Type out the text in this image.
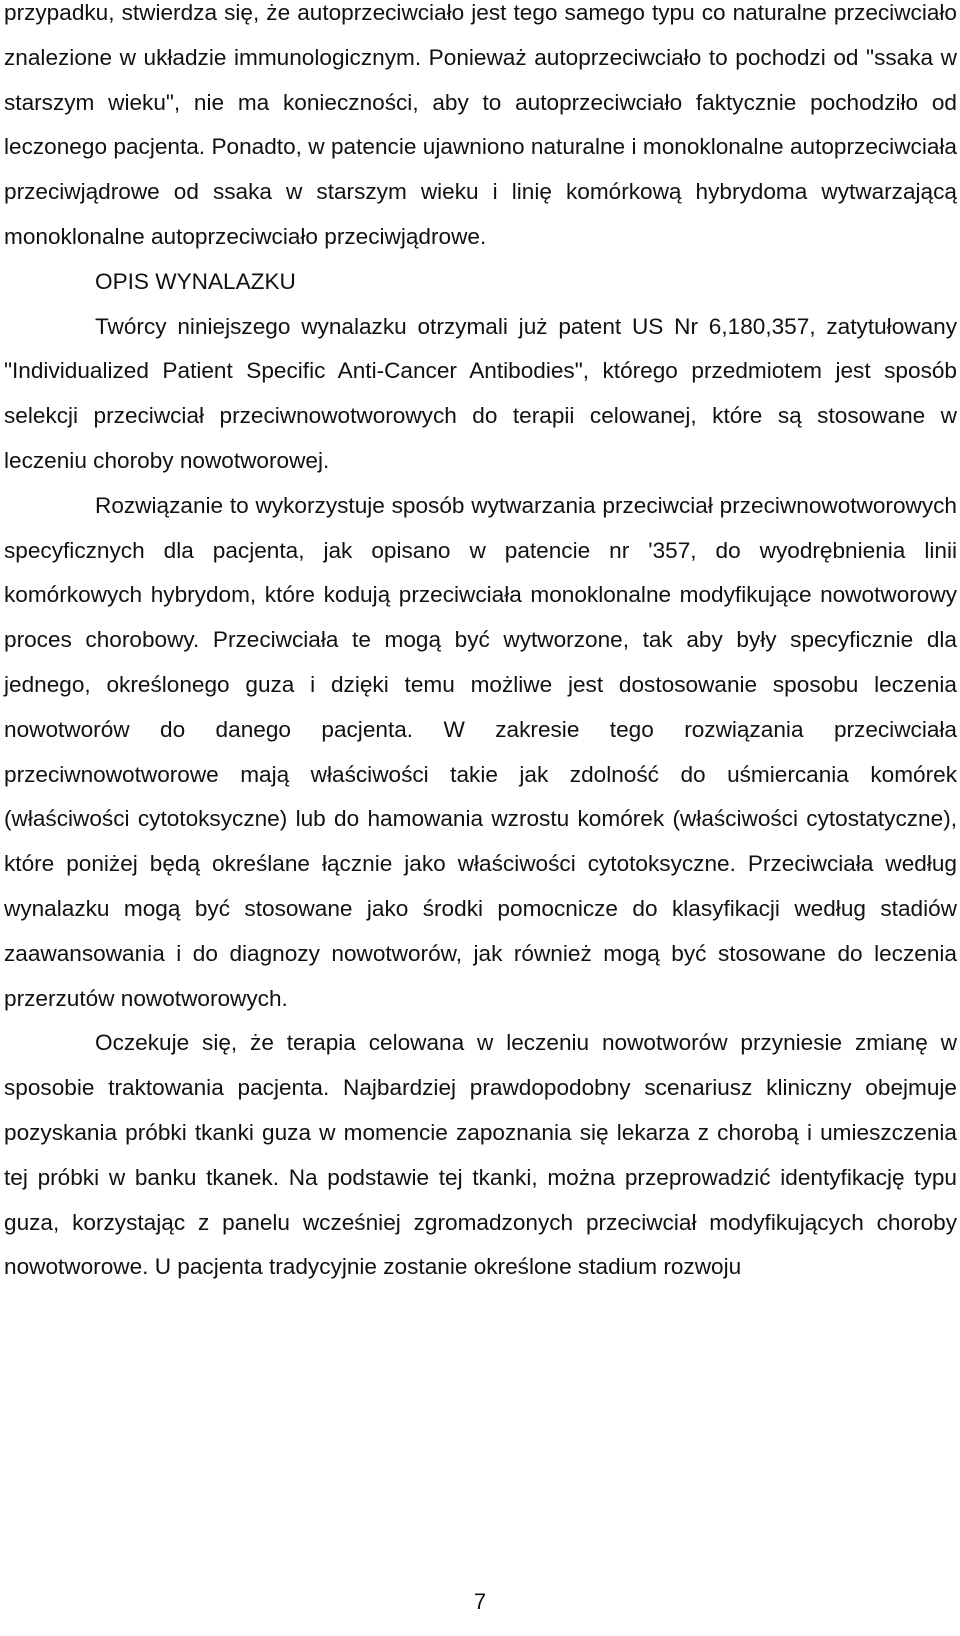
przypadku, stwierdza się, że autoprzeciwciało jest tego samego typu co naturalne przeciwciało znalezione w układzie immunologicznym. Ponieważ autoprzeciwciało to pochodzi od "ssaka w starszym wieku", nie ma konieczności, aby to autoprzeciwciało faktycznie pochodziło od leczonego pacjenta. Ponadto, w patencie ujawniono naturalne i monoklonalne autoprzeciwciała przeciwjądrowe od ssaka w starszym wieku i linię komórkową hybrydoma wytwarzającą monoklonalne autoprzeciwciało przeciwjądrowe.

OPIS WYNALAZKU

Twórcy niniejszego wynalazku otrzymali już patent US Nr 6,180,357, zatytułowany "Individualized Patient Specific Anti-Cancer Antibodies", którego przedmiotem jest sposób selekcji przeciwciał przeciwnowotworowych do terapii celowanej, które są stosowane w leczeniu choroby nowotworowej.

Rozwiązanie to wykorzystuje sposób wytwarzania przeciwciał przeciwnowotworowych specyficznych dla pacjenta, jak opisano w patencie nr '357, do wyodrębnienia linii komórkowych hybrydom, które kodują przeciwciała monoklonalne modyfikujące nowotworowy proces chorobowy. Przeciwciała te mogą być wytworzone, tak aby były specyficznie dla jednego, określonego guza i dzięki temu możliwe jest dostosowanie sposobu leczenia nowotworów do danego pacjenta. W zakresie tego rozwiązania przeciwciała przeciwnowotworowe mają właściwości takie jak zdolność do uśmiercania komórek (właściwości cytotoksyczne) lub do hamowania wzrostu komórek (właściwości cytostatyczne), które poniżej będą określane łącznie jako właściwości cytotoksyczne. Przeciwciała według wynalazku mogą być stosowane jako środki pomocnicze do klasyfikacji według stadiów zaawansowania i do diagnozy nowotworów, jak również mogą być stosowane do leczenia przerzutów nowotworowych.

Oczekuje się, że terapia celowana w leczeniu nowotworów przyniesie zmianę w sposobie traktowania pacjenta. Najbardziej prawdopodobny scenariusz kliniczny obejmuje pozyskania próbki tkanki guza w momencie zapoznania się lekarza z chorobą i umieszczenia tej próbki w banku tkanek. Na podstawie tej tkanki, można przeprowadzić identyfikację typu guza, korzystając z panelu wcześniej zgromadzonych przeciwciał modyfikujących choroby nowotworowe. U pacjenta tradycyjnie zostanie określone stadium rozwoju

7
